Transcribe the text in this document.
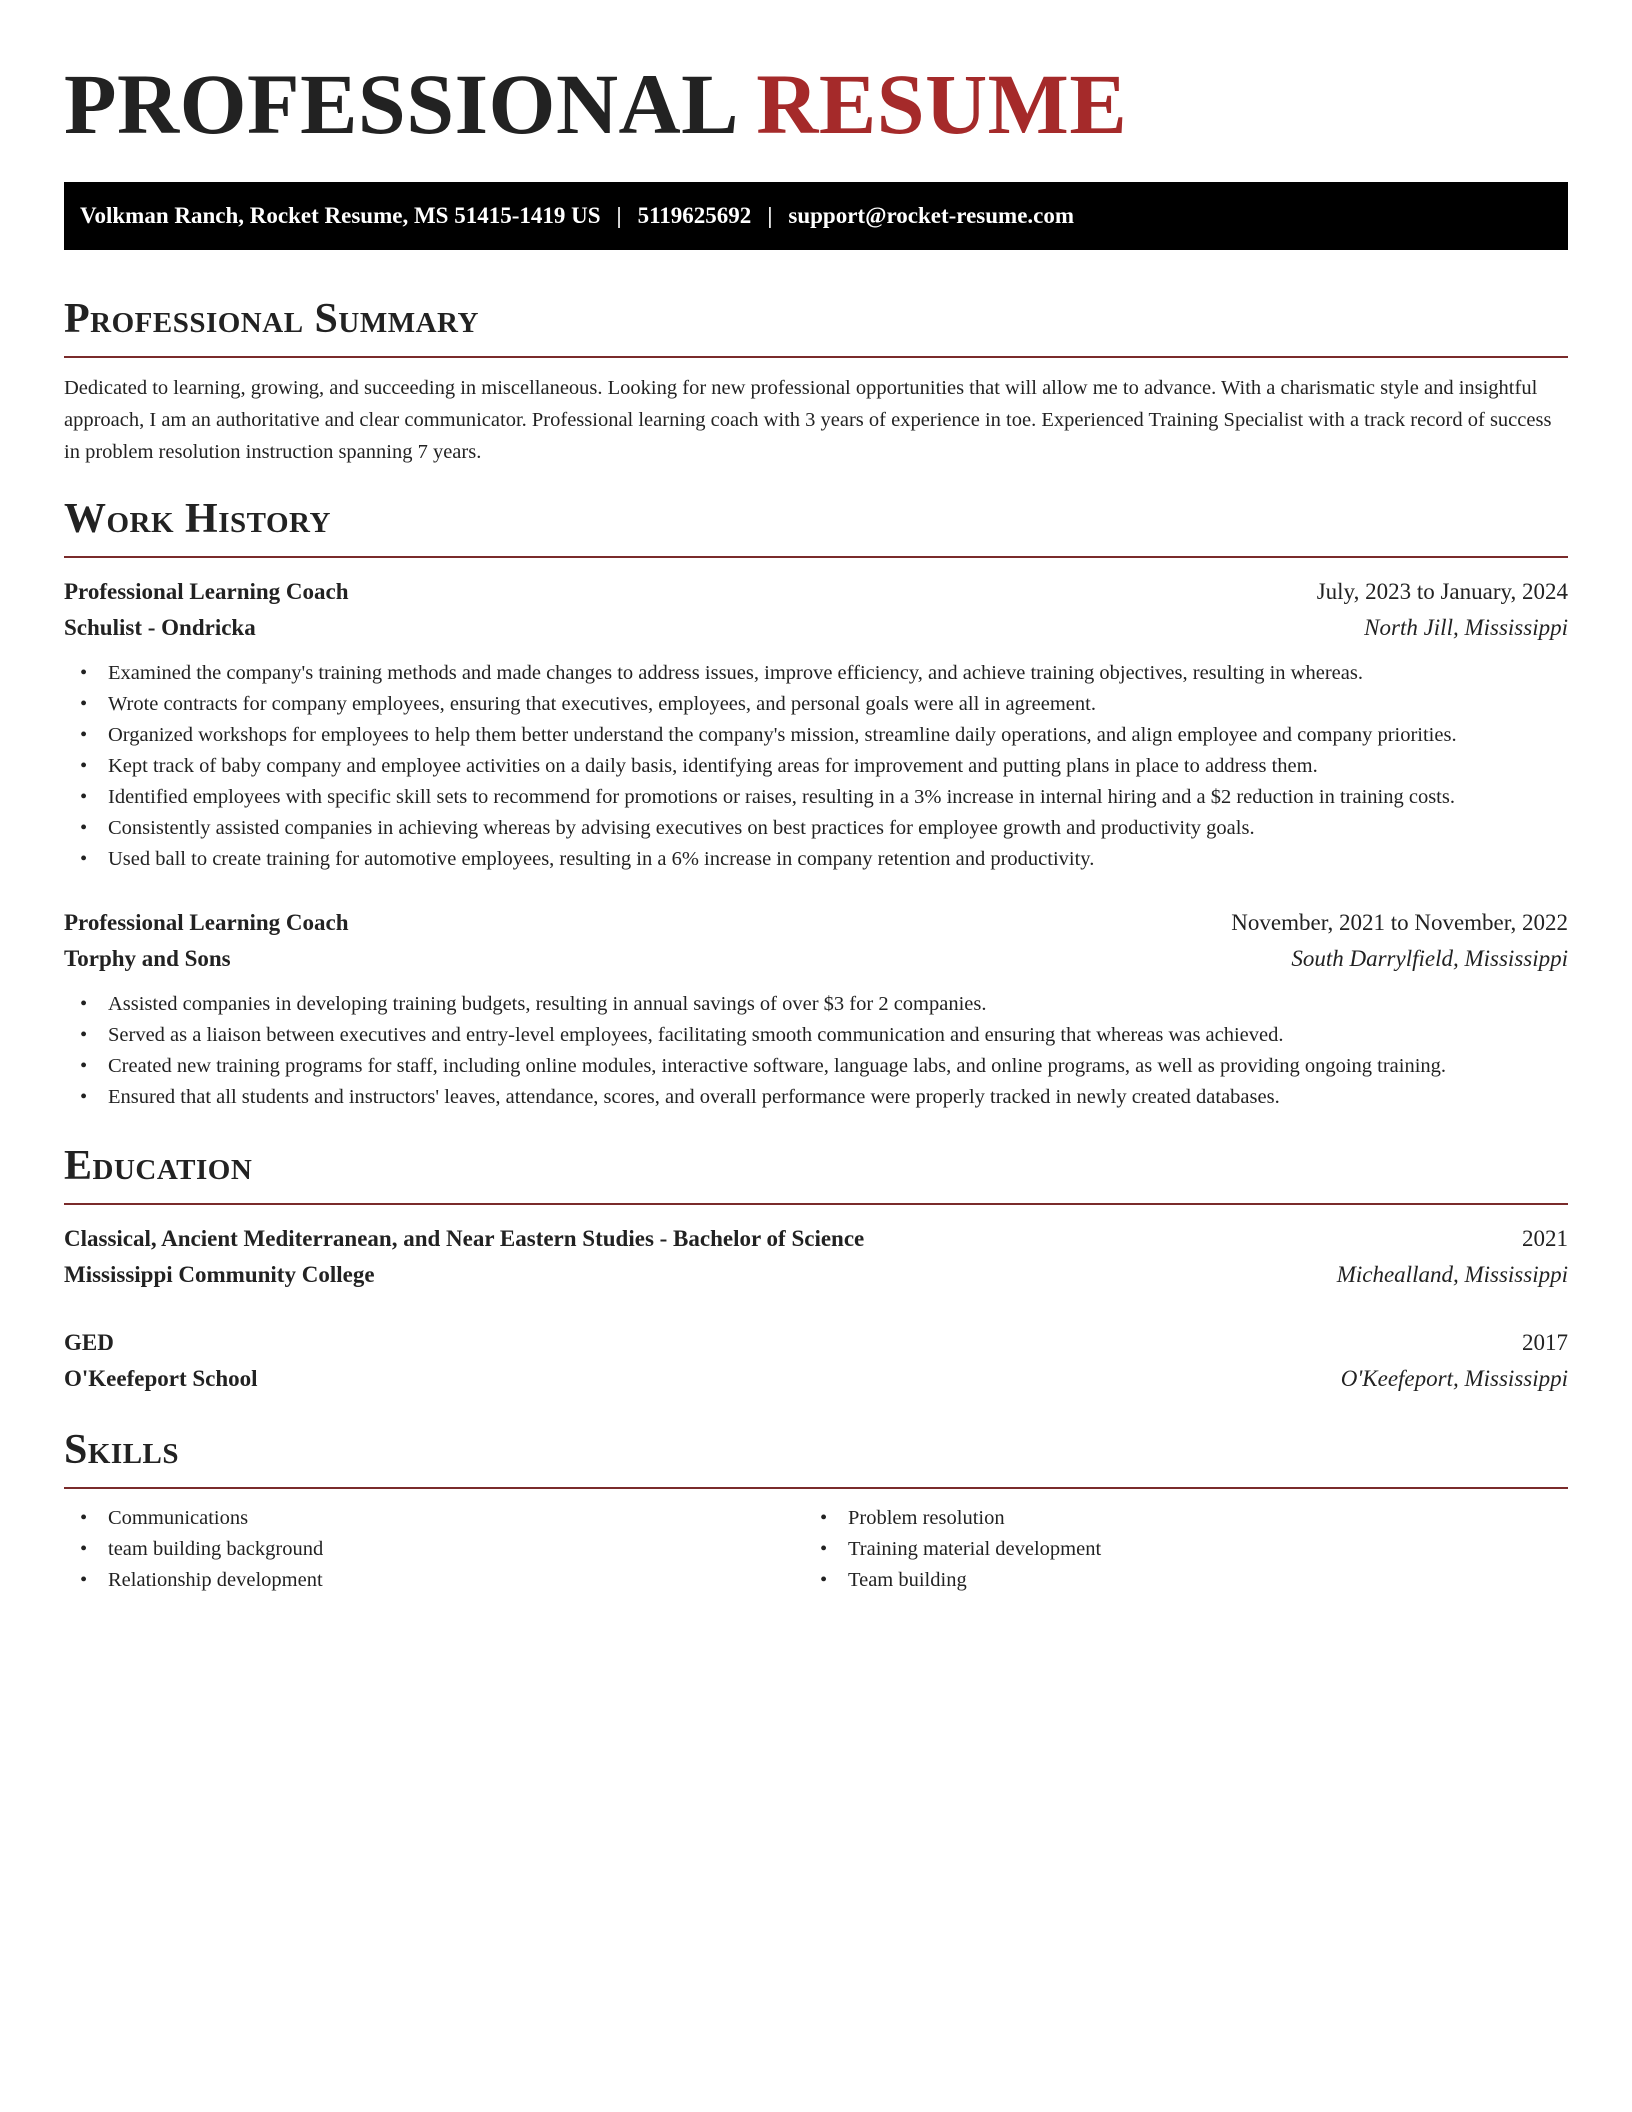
PROFESSIONAL RESUME
Volkman Ranch, Rocket Resume, MS 51415-1419 US | 5119625692 | support@rocket-resume.com
Professional Summary
Dedicated to learning, growing, and succeeding in miscellaneous. Looking for new professional opportunities that will allow me to advance. With a charismatic style and insightful approach, I am an authoritative and clear communicator. Professional learning coach with 3 years of experience in toe. Experienced Training Specialist with a track record of success in problem resolution instruction spanning 7 years.
Work History
Professional Learning Coach	July, 2023 to January, 2024
Schulist - Ondricka	North Jill, Mississippi
• Examined the company's training methods and made changes to address issues, improve efficiency, and achieve training objectives, resulting in whereas.
• Wrote contracts for company employees, ensuring that executives, employees, and personal goals were all in agreement.
• Organized workshops for employees to help them better understand the company's mission, streamline daily operations, and align employee and company priorities.
• Kept track of baby company and employee activities on a daily basis, identifying areas for improvement and putting plans in place to address them.
• Identified employees with specific skill sets to recommend for promotions or raises, resulting in a 3% increase in internal hiring and a $2 reduction in training costs.
• Consistently assisted companies in achieving whereas by advising executives on best practices for employee growth and productivity goals.
• Used ball to create training for automotive employees, resulting in a 6% increase in company retention and productivity.
Professional Learning Coach	November, 2021 to November, 2022
Torphy and Sons	South Darrylfield, Mississippi
• Assisted companies in developing training budgets, resulting in annual savings of over $3 for 2 companies.
• Served as a liaison between executives and entry-level employees, facilitating smooth communication and ensuring that whereas was achieved.
• Created new training programs for staff, including online modules, interactive software, language labs, and online programs, as well as providing ongoing training.
• Ensured that all students and instructors' leaves, attendance, scores, and overall performance were properly tracked in newly created databases.
Education
Classical, Ancient Mediterranean, and Near Eastern Studies - Bachelor of Science	2021
Mississippi Community College	Michealland, Mississippi
GED	2017
O'Keefeport School	O'Keefeport, Mississippi
Skills
• Communications
• team building background
• Relationship development
• Problem resolution
• Training material development
• Team building
